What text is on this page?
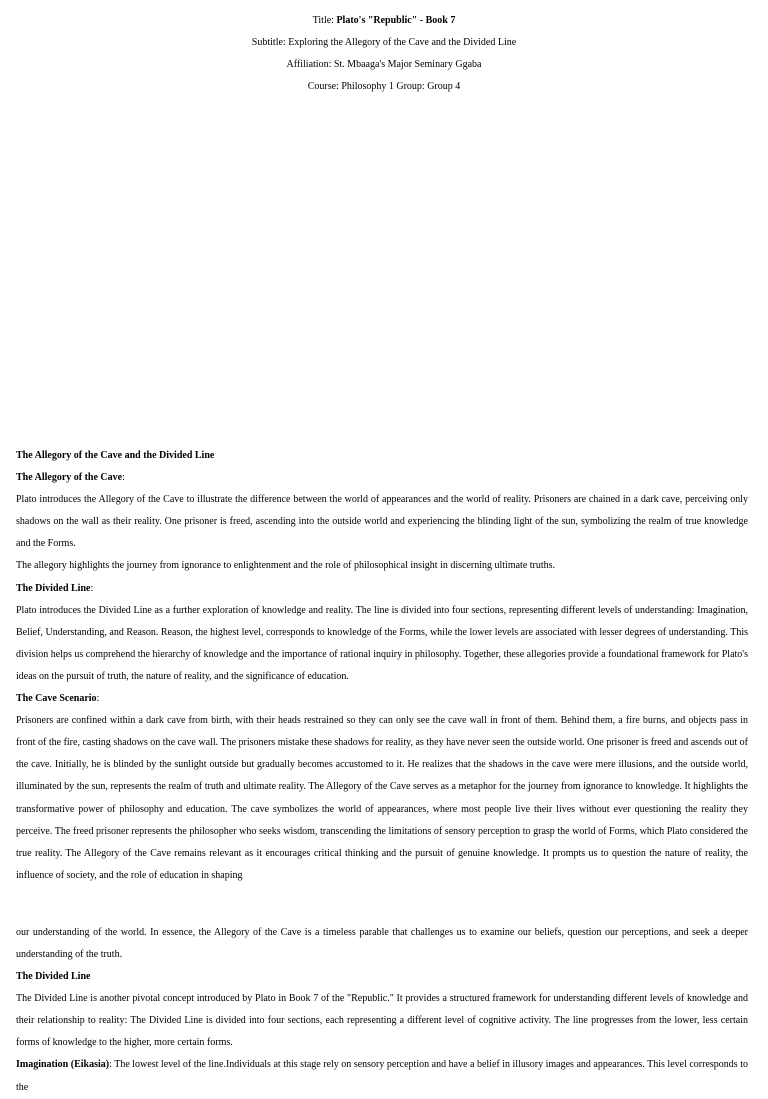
Title: Plato's "Republic" - Book 7
Subtitle: Exploring the Allegory of the Cave and the Divided Line
Affiliation: St. Mbaaga's Major Seminary Ggaba
Course: Philosophy 1 Group: Group 4

The Allegory of the Cave and the Divided Line

The Allegory of the Cave:

Plato introduces the Allegory of the Cave to illustrate the difference between the world of appearances and the world of reality. Prisoners are chained in a dark cave, perceiving only shadows on the wall as their reality. One prisoner is freed, ascending into the outside world and experiencing the blinding light of the sun, symbolizing the realm of true knowledge and the Forms.

The allegory highlights the journey from ignorance to enlightenment and the role of philosophical insight in discerning ultimate truths.

The Divided Line:

Plato introduces the Divided Line as a further exploration of knowledge and reality. The line is divided into four sections, representing different levels of understanding: Imagination, Belief, Understanding, and Reason. Reason, the highest level, corresponds to knowledge of the Forms, while the lower levels are associated with lesser degrees of understanding. This division helps us comprehend the hierarchy of knowledge and the importance of rational inquiry in philosophy. Together, these allegories provide a foundational framework for Plato's ideas on the pursuit of truth, the nature of reality, and the significance of education.

The Cave Scenario:

Prisoners are confined within a dark cave from birth, with their heads restrained so they can only see the cave wall in front of them. Behind them, a fire burns, and objects pass in front of the fire, casting shadows on the cave wall. The prisoners mistake these shadows for reality, as they have never seen the outside world. One prisoner is freed and ascends out of the cave. Initially, he is blinded by the sunlight outside but gradually becomes accustomed to it. He realizes that the shadows in the cave were mere illusions, and the outside world, illuminated by the sun, represents the realm of truth and ultimate reality. The Allegory of the Cave serves as a metaphor for the journey from ignorance to knowledge. It highlights the transformative power of philosophy and education. The cave symbolizes the world of appearances, where most people live their lives without ever questioning the reality they perceive. The freed prisoner represents the philosopher who seeks wisdom, transcending the limitations of sensory perception to grasp the world of Forms, which Plato considered the true reality. The Allegory of the Cave remains relevant as it encourages critical thinking and the pursuit of genuine knowledge. It prompts us to question the nature of reality, the influence of society, and the role of education in shaping

our understanding of the world. In essence, the Allegory of the Cave is a timeless parable that challenges us to examine our beliefs, question our perceptions, and seek a deeper understanding of the truth.

The Divided Line

The Divided Line is another pivotal concept introduced by Plato in Book 7 of the "Republic." It provides a structured framework for understanding different levels of knowledge and their relationship to reality: The Divided Line is divided into four sections, each representing a different level of cognitive activity. The line progresses from the lower, less certain forms of knowledge to the higher, more certain forms.

Imagination (Eikasia): The lowest level of the line.Individuals at this stage rely on sensory perception and have a belief in illusory images and appearances. This level corresponds to the
